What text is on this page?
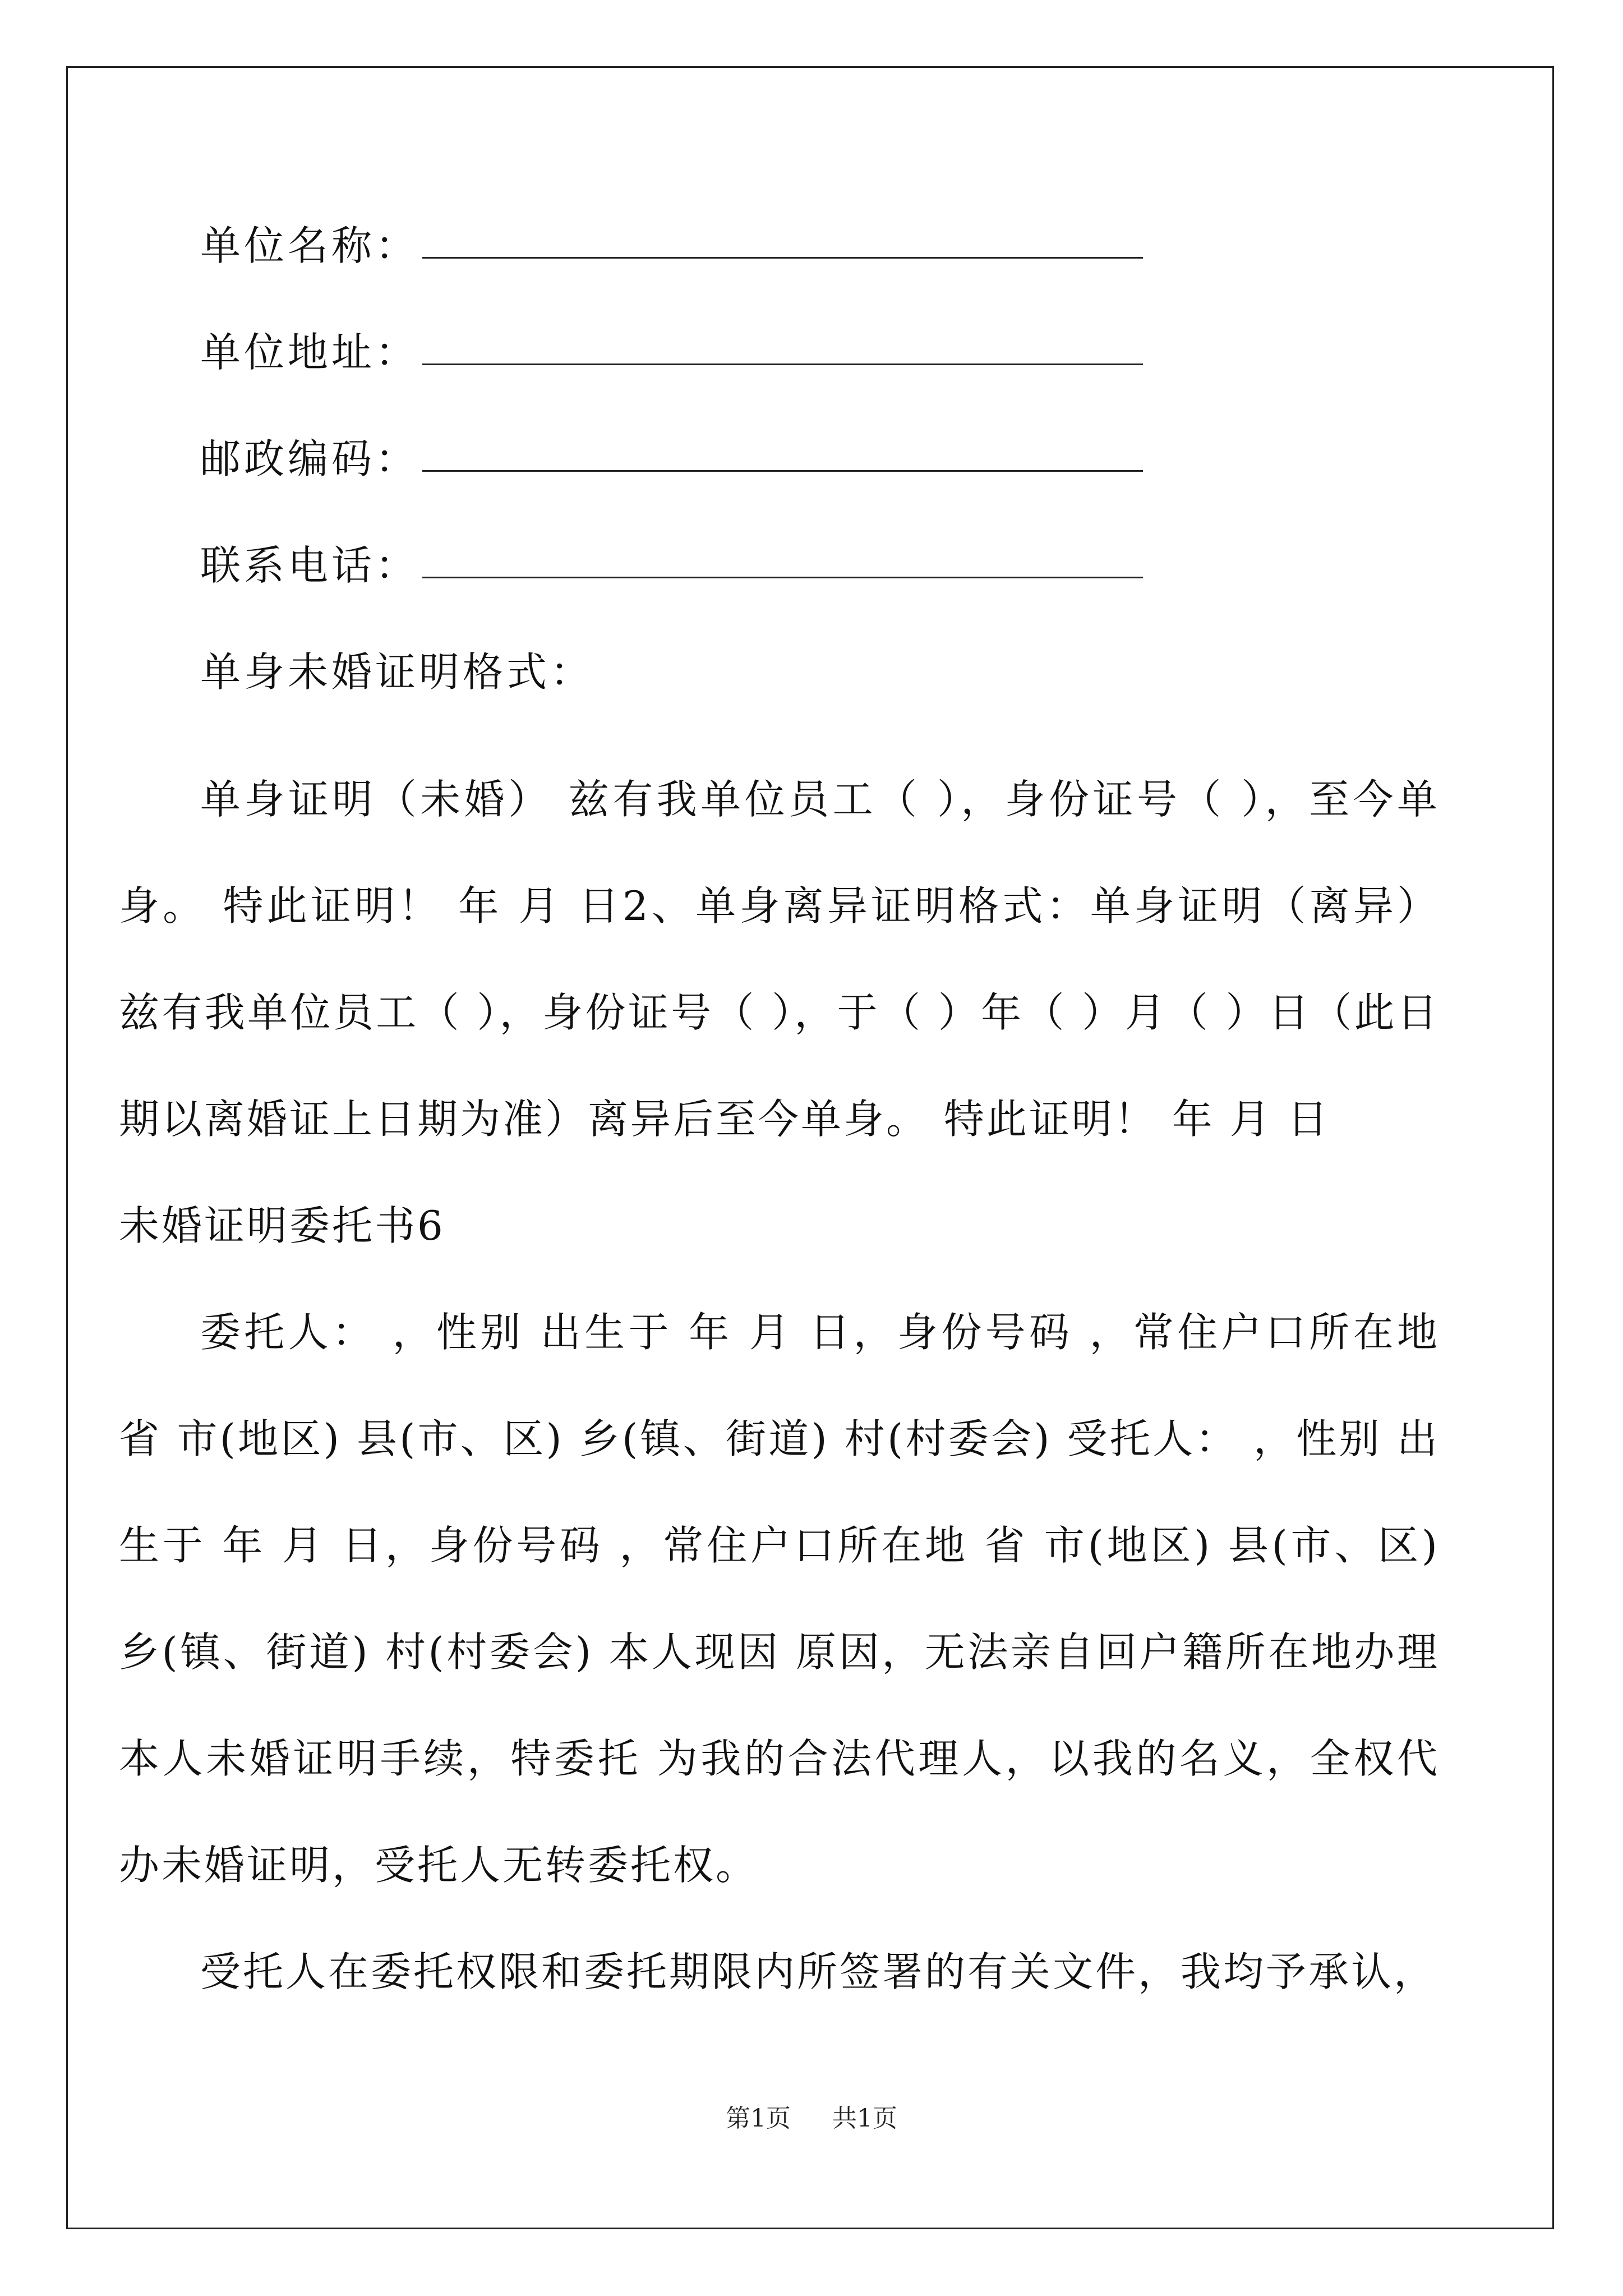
单位名称：
单位地址：
邮政编码：
联系电话：
单身未婚证明格式：

单身证明（未婚） 兹有我单位员工（ ），身份证号（ ），至今单身。 特此证明！ 年 月 日2、单身离异证明格式：单身证明（离异） 兹有我单位员工（ ），身份证号（ ），于（ ）年（ ）月（ ）日（此日期以离婚证上日期为准）离异后至今单身。 特此证明！ 年 月 日

未婚证明委托书6

委托人： ，性别 出生于 年 月 日，身份号码 ，常住户口所在地 省 市(地区) 县(市、区) 乡(镇、街道) 村(村委会) 受托人： ，性别 出生于 年 月 日，身份号码 ，常住户口所在地 省 市(地区) 县(市、区) 乡(镇、街道) 村(村委会) 本人现因 原因，无法亲自回户籍所在地办理本人未婚证明手续，特委托 为我的合法代理人，以我的名义，全权代办未婚证明，受托人无转委托权。

受托人在委托权限和委托期限内所签署的有关文件，我均予承认，

第1页 共1页
